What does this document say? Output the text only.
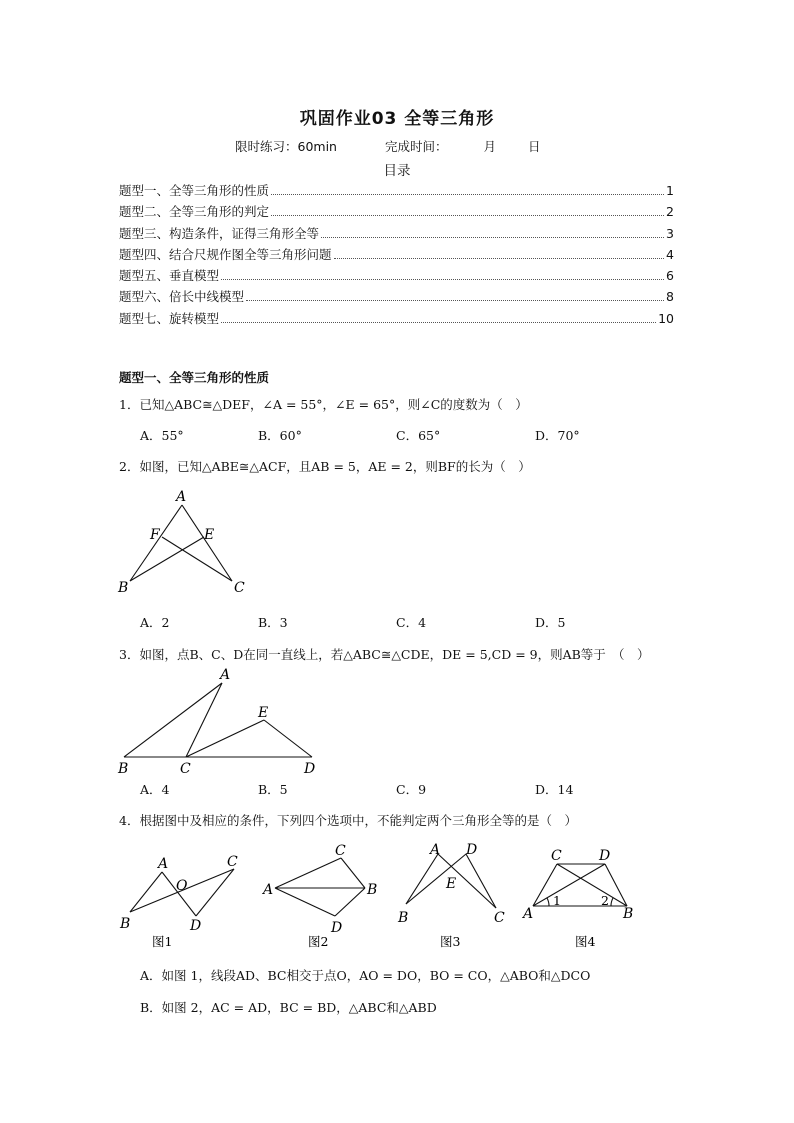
巩固作业03 全等三角形
限时练习：60min	完成时间：	月	日
目录
题型一、全等三角形的性质	1
题型二、全等三角形的判定	2
题型三、构造条件，证得三角形全等	3
题型四、结合尺规作图全等三角形问题	4
题型五、垂直模型	6
题型六、倍长中线模型	8
题型七、旋转模型	10
题型一、全等三角形的性质
1．已知△ABC≅△DEF，∠A = 55°，∠E = 65°，则∠C的度数为（　）
A．55°	B．60°	C．65°	D．70°
2．如图，已知△ABE≅△ACF，且AB = 5，AE = 2，则BF的长为（　）
A
F	E
B	C
A．2	B．3	C．4	D．5
3．如图，点B、C、D在同一直线上，若△ABC≅△CDE，DE = 5,CD = 9，则AB等于　（　）
A
E
B	C	D
A．4	B．5	C．9	D．14
4．根据图中及相应的条件，下列四个选项中，不能判定两个三角形全等的是（　）
A	C
O
B	D
图1
C
A	B
D
图2
A D
E
B	C
图3
C	D
A	B
1	2
图4
A．如图 1，线段AD、BC相交于点O，AO = DO，BO = CO，△ABO和△DCO
B．如图 2，AC = AD，BC = BD，△ABC和△ABD
